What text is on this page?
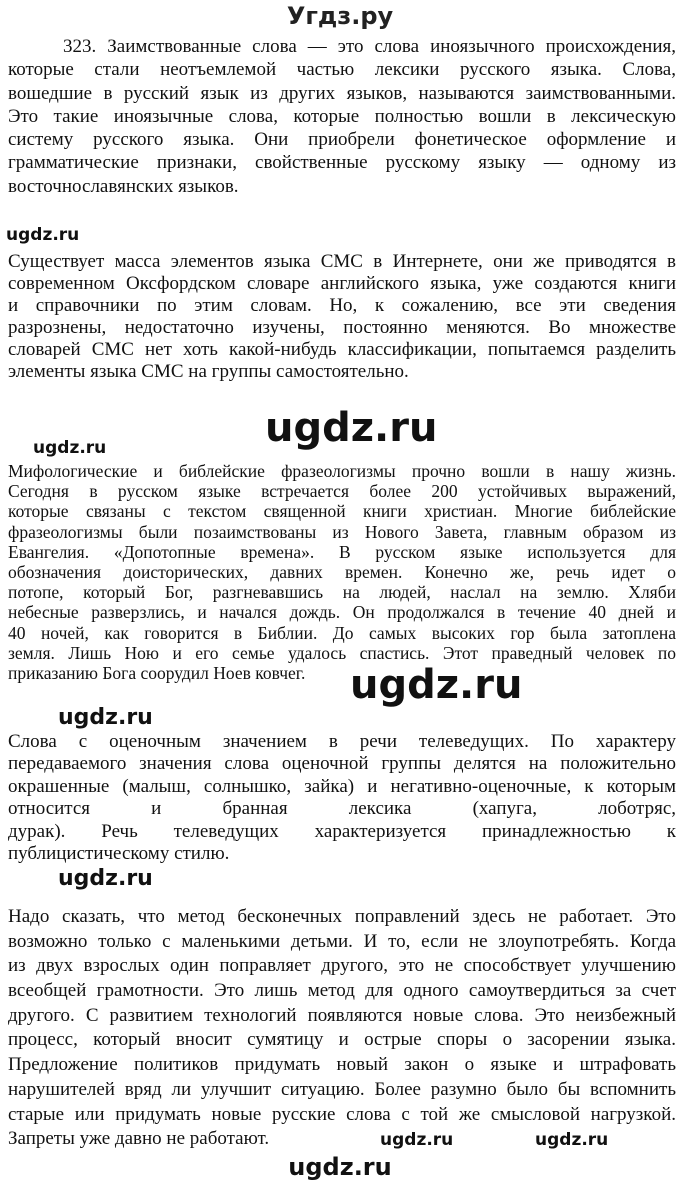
Угдз.ру
323. Заимствованные слова — это слова иноязычного происхождения,
которые стали неотъемлемой частью лексики русского языка. Слова,
вошедшие в русский язык из других языков, называются заимствованными.
Это такие иноязычные слова, которые полностью вошли в лексическую
систему русского языка. Они приобрели фонетическое оформление и
грамматические признаки, свойственные русскому языку — одному из
восточнославянских языков.
ugdz.ru
Существует масса элементов языка СМС в Интернете, они же приводятся в
современном Оксфордском словаре английского языка, уже создаются книги
и справочники по этим словам. Но, к сожалению, все эти сведения
разрознены, недостаточно изучены, постоянно меняются. Во множестве
словарей СМС нет хоть какой-нибудь классификации, попытаемся разделить
элементы языка СМС на группы самостоятельно.
ugdz.ru	ugdz.ru
Мифологические и библейские фразеологизмы прочно вошли в нашу жизнь.
Сегодня в русском языке встречается более 200 устойчивых выражений,
которые связаны с текстом священной книги христиан. Многие библейские
фразеологизмы были позаимствованы из Нового Завета, главным образом из
Евангелия. «Допотопные времена». В русском языке используется для
обозначения доисторических, давних времен. Конечно же, речь идет о
потопе, который Бог, разгневавшись на людей, наслал на землю. Хляби
небесные разверзлись, и начался дождь. Он продолжался в течение 40 дней и
40 ночей, как говорится в Библии. До самых высоких гор была затоплена
земля. Лишь Ною и его семье удалось спастись. Этот праведный человек по
приказанию Бога соорудил Ноев ковчег. ugdz.ru
ugdz.ru
Слова с оценочным значением в речи телеведущих. По характеру
передаваемого значения слова оценочной группы делятся на положительно
окрашенные (малыш, солнышко, зайка) и негативно-оценочные, к которым
относится и бранная лексика (хапуга, лоботряс,
дурак). Речь телеведущих характеризуется принадлежностью к
публицистическому стилю.
ugdz.ru
Надо сказать, что метод бесконечных поправлений здесь не работает. Это
возможно только с маленькими детьми. И то, если не злоупотребять. Когда
из двух взрослых один поправляет другого, это не способствует улучшению
всеобщей грамотности. Это лишь метод для одного самоутвердиться за счет
другого. С развитием технологий появляются новые слова. Это неизбежный
процесс, который вносит сумятицу и острые споры о засорении языка.
Предложение политиков придумать новый закон о языке и штрафовать
нарушителей вряд ли улучшит ситуацию. Более разумно было бы вспомнить
старые или придумать новые русские слова с той же смысловой нагрузкой.
Запреты уже давно не работают.	ugdz.ru	ugdz.ru
ugdz.ru
